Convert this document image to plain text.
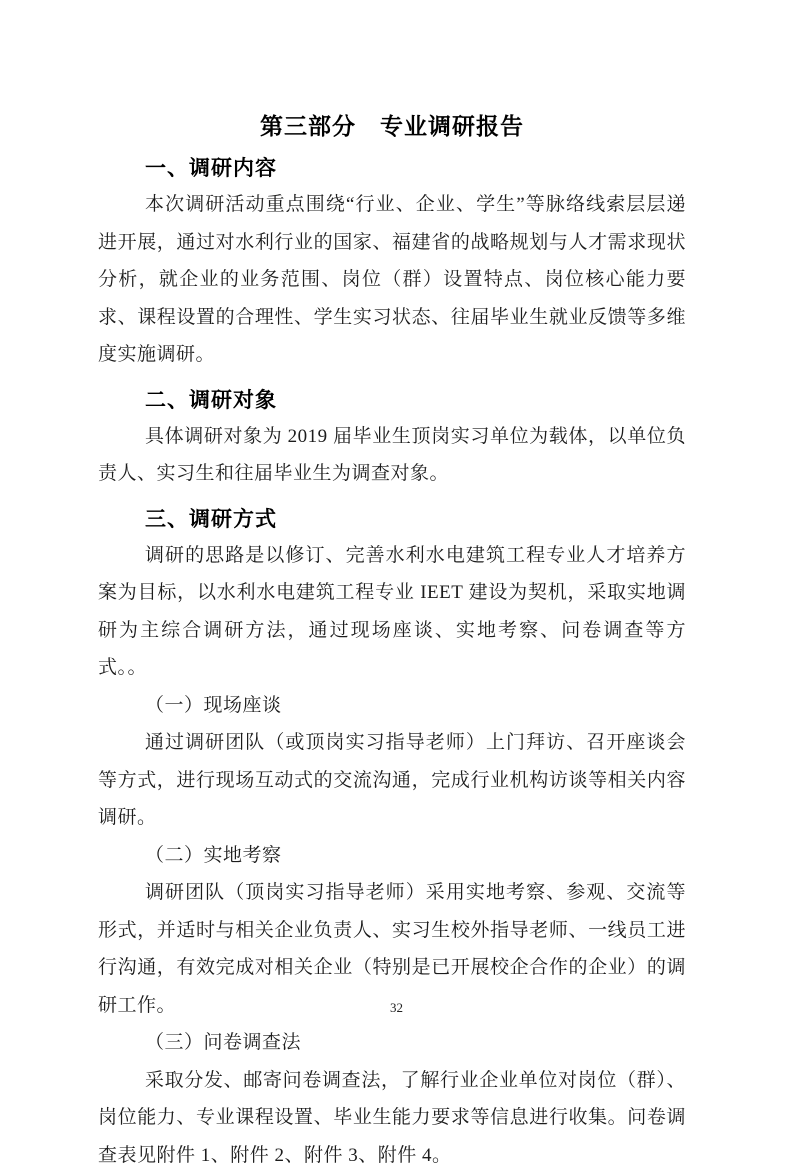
第三部分　专业调研报告
一、调研内容

本次调研活动重点围绕“行业、企业、学生”等脉络线索层层递进开展，通过对水利行业的国家、福建省的战略规划与人才需求现状分析，就企业的业务范围、岗位（群）设置特点、岗位核心能力要求、课程设置的合理性、学生实习状态、往届毕业生就业反馈等多维度实施调研。

二、调研对象

具体调研对象为 2019 届毕业生顶岗实习单位为载体，以单位负责人、实习生和往届毕业生为调查对象。

三、调研方式

调研的思路是以修订、完善水利水电建筑工程专业人才培养方案为目标，以水利水电建筑工程专业 IEET 建设为契机，采取实地调研为主综合调研方法，通过现场座谈、实地考察、问卷调查等方式。。

（一）现场座谈

通过调研团队（或顶岗实习指导老师）上门拜访、召开座谈会等方式，进行现场互动式的交流沟通，完成行业机构访谈等相关内容调研。

（二）实地考察

调研团队（顶岗实习指导老师）采用实地考察、参观、交流等形式，并适时与相关企业负责人、实习生校外指导老师、一线员工进行沟通，有效完成对相关企业（特别是已开展校企合作的企业）的调研工作。

（三）问卷调查法

采取分发、邮寄问卷调查法，了解行业企业单位对岗位（群）、岗位能力、专业课程设置、毕业生能力要求等信息进行收集。问卷调查表见附件 1、附件 2、附件 3、附件 4。

32
